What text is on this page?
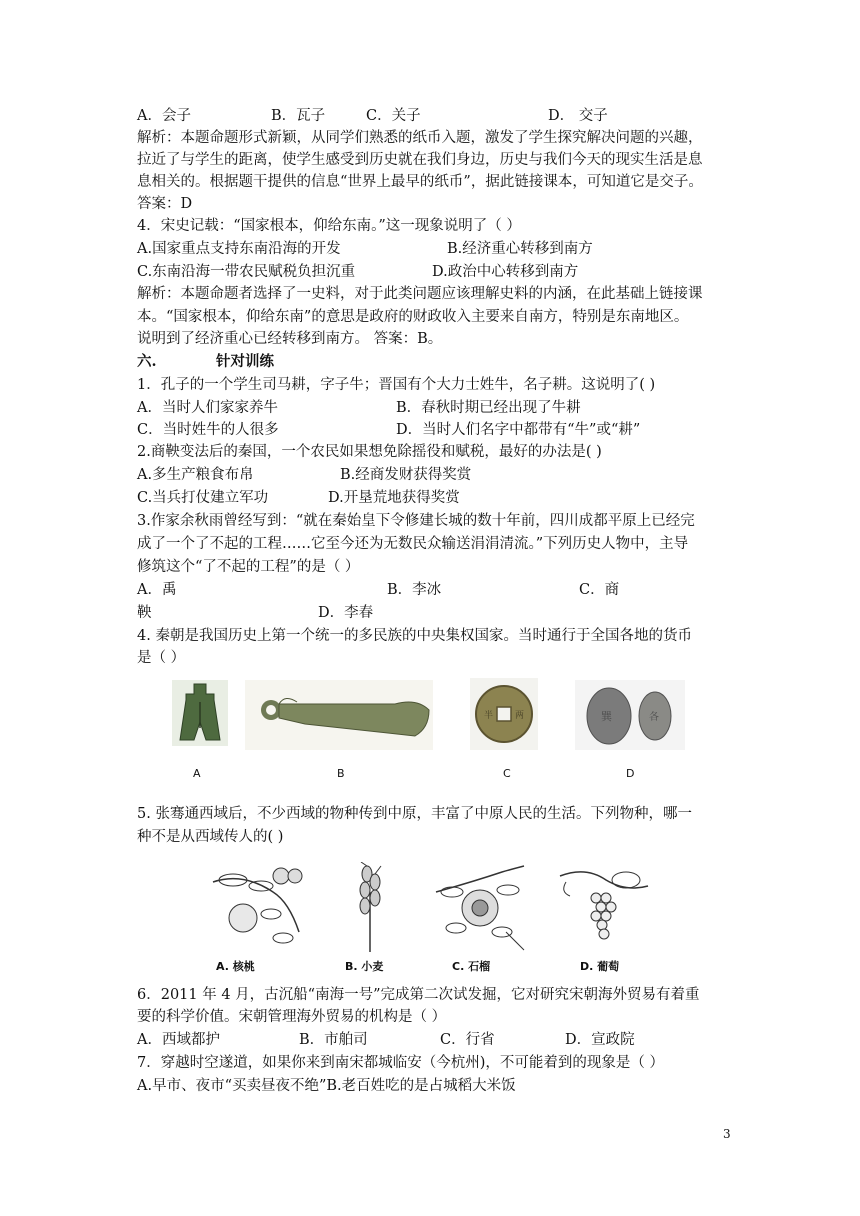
A．会子	B．瓦子	C．关子	D． 交子
解析：本题命题形式新颖，从同学们熟悉的纸币入题，激发了学生探究解决问题的兴趣，
拉近了与学生的距离，使学生感受到历史就在我们身边，历史与我们今天的现实生活是息
息相关的。根据题干提供的信息“世界上最早的纸币”，据此链接课本，可知道它是交子。
答案：D
4．宋史记载：“国家根本，仰给东南。”这一现象说明了（ ）
A.国家重点支持东南沿海的开发	B.经济重心转移到南方
C.东南沿海一带农民赋税负担沉重	D.政治中心转移到南方
解析：本题命题者选择了一史料，对于此类问题应该理解史料的内涵，在此基础上链接课
本。“国家根本，仰给东南”的意思是政府的财政收入主要来自南方，特别是东南地区。
说明到了经济重心已经转移到南方。 答案：B。
六.	针对训练
1．孔子的一个学生司马耕，字子牛；晋国有个大力士姓牛，名子耕。这说明了( )
A．当时人们家家养牛	B．春秋时期已经出现了牛耕
C．当时姓牛的人很多	D．当时人们名字中都带有“牛”或“耕”
2.商鞅变法后的秦国，一个农民如果想免除摇役和赋税，最好的办法是( )
A.多生产粮食布帛	B.经商发财获得奖赏
C.当兵打仗建立军功	D.开垦荒地获得奖赏
3.作家余秋雨曾经写到：“就在秦始皇下令修建长城的数十年前，四川成都平原上已经完
成了一个了不起的工程……它至今还为无数民众输送涓涓清流。”下列历史人物中，主导
修筑这个“了不起的工程”的是（ ）
A．禹	B．李冰	C．商
鞅	D．李春
4. 秦朝是我国历史上第一个统一的多民族的中央集权国家。当时通行于全国各地的货币
是（ ）
半 两	巽	各
A	B	C	D
5. 张骞通西域后，不少西域的物种传到中原，丰富了中原人民的生活。下列物种，哪一
种不是从西域传人的( )
A. 核桃	B. 小麦	C. 石榴	D. 葡萄
6．2011 年 4 月，古沉船“南海一号”完成第二次试发掘，它对研究宋朝海外贸易有着重
要的科学价值。宋朝管理海外贸易的机构是（ ）
A．西域都护	B．市舶司	C．行省	D．宣政院
7．穿越时空遂道，如果你来到南宋都城临安（今杭州)，不可能着到的现象是（ ）
A.早市、夜市“买卖昼夜不绝”B.老百姓吃的是占城稻大米饭
3
